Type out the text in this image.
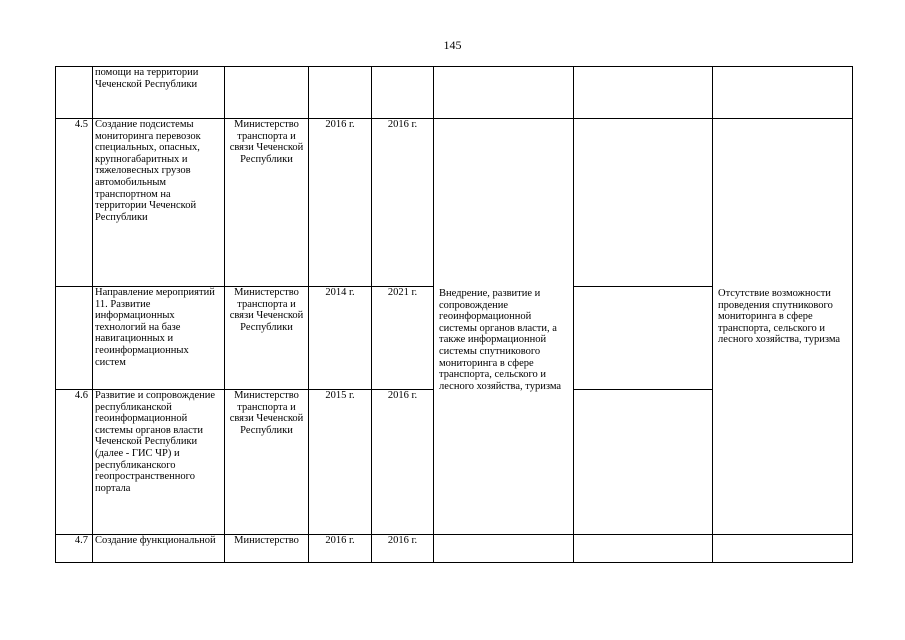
145
	помощи на территории Чеченской Республики						
4.5	Создание подсистемы мониторинга перевозок специальных, опасных, крупногабаритных и тяжеловесных грузов автомобильным транспортном на территории Чеченской Республики	Министерство транспорта и связи Чеченской Республики	2016 г.	2016 г.	Внедрение, развитие и сопровождение геоинформационной системы органов власти, а также информационной системы спутникового мониторинга в сфере транспорта, сельского и лесного хозяйства, туризма		Отсутствие возможности проведения спутникового мониторинга в сфере транспорта, сельского и лесного хозяйства, туризма
	Направление мероприятий 11. Развитие информационных технологий на базе навигационных и геоинформационных систем	Министерство транспорта и связи Чеченской Республики	2014 г.	2021 г.			
4.6	Развитие и сопровождение республиканской геоинформационной системы органов власти Чеченской Республики (далее - ГИС ЧР) и республиканского геопространственного портала	Министерство транспорта и связи Чеченской Республики	2015 г.	2016 г.			
4.7	Создание функциональной	Министерство	2016 г.	2016 г.			
